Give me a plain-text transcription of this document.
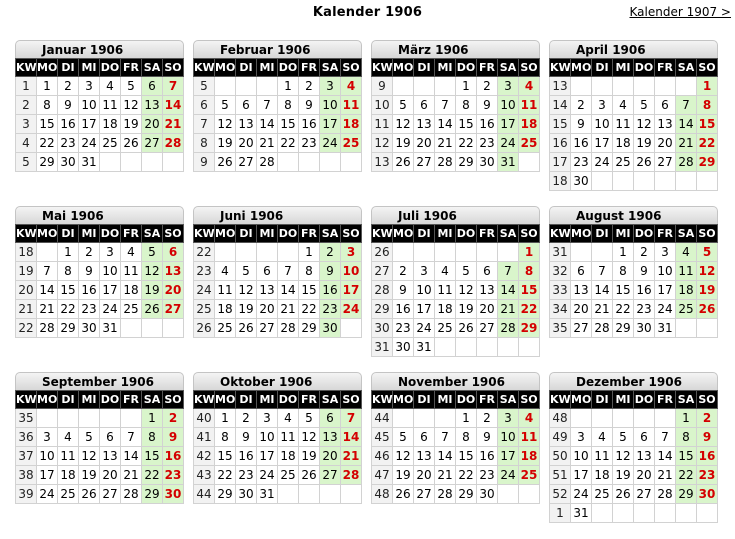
Kalender 1906	Kalender 1907 >
Januar 1906
KW	MO	DI	MI	DO	FR	SA	SO
1	1	2	3	4	5	6	7
2	8	9	10	11	12	13	14
3	15	16	17	18	19	20	21
4	22	23	24	25	26	27	28
5	29	30	31				
Februar 1906
KW	MO	DI	MI	DO	FR	SA	SO
5				1	2	3	4
6	5	6	7	8	9	10	11
7	12	13	14	15	16	17	18
8	19	20	21	22	23	24	25
9	26	27	28				
März 1906
KW	MO	DI	MI	DO	FR	SA	SO
9				1	2	3	4
10	5	6	7	8	9	10	11
11	12	13	14	15	16	17	18
12	19	20	21	22	23	24	25
13	26	27	28	29	30	31	
April 1906
KW	MO	DI	MI	DO	FR	SA	SO
13							1
14	2	3	4	5	6	7	8
15	9	10	11	12	13	14	15
16	16	17	18	19	20	21	22
17	23	24	25	26	27	28	29
18	30						
Mai 1906
KW	MO	DI	MI	DO	FR	SA	SO
18		1	2	3	4	5	6
19	7	8	9	10	11	12	13
20	14	15	16	17	18	19	20
21	21	22	23	24	25	26	27
22	28	29	30	31			
Juni 1906
KW	MO	DI	MI	DO	FR	SA	SO
22					1	2	3
23	4	5	6	7	8	9	10
24	11	12	13	14	15	16	17
25	18	19	20	21	22	23	24
26	25	26	27	28	29	30	
Juli 1906
KW	MO	DI	MI	DO	FR	SA	SO
26							1
27	2	3	4	5	6	7	8
28	9	10	11	12	13	14	15
29	16	17	18	19	20	21	22
30	23	24	25	26	27	28	29
31	30	31					
August 1906
KW	MO	DI	MI	DO	FR	SA	SO
31			1	2	3	4	5
32	6	7	8	9	10	11	12
33	13	14	15	16	17	18	19
34	20	21	22	23	24	25	26
35	27	28	29	30	31		
September 1906
KW	MO	DI	MI	DO	FR	SA	SO
35						1	2
36	3	4	5	6	7	8	9
37	10	11	12	13	14	15	16
38	17	18	19	20	21	22	23
39	24	25	26	27	28	29	30
Oktober 1906
KW	MO	DI	MI	DO	FR	SA	SO
40	1	2	3	4	5	6	7
41	8	9	10	11	12	13	14
42	15	16	17	18	19	20	21
43	22	23	24	25	26	27	28
44	29	30	31				
November 1906
KW	MO	DI	MI	DO	FR	SA	SO
44				1	2	3	4
45	5	6	7	8	9	10	11
46	12	13	14	15	16	17	18
47	19	20	21	22	23	24	25
48	26	27	28	29	30		
Dezember 1906
KW	MO	DI	MI	DO	FR	SA	SO
48						1	2
49	3	4	5	6	7	8	9
50	10	11	12	13	14	15	16
51	17	18	19	20	21	22	23
52	24	25	26	27	28	29	30
1	31						
